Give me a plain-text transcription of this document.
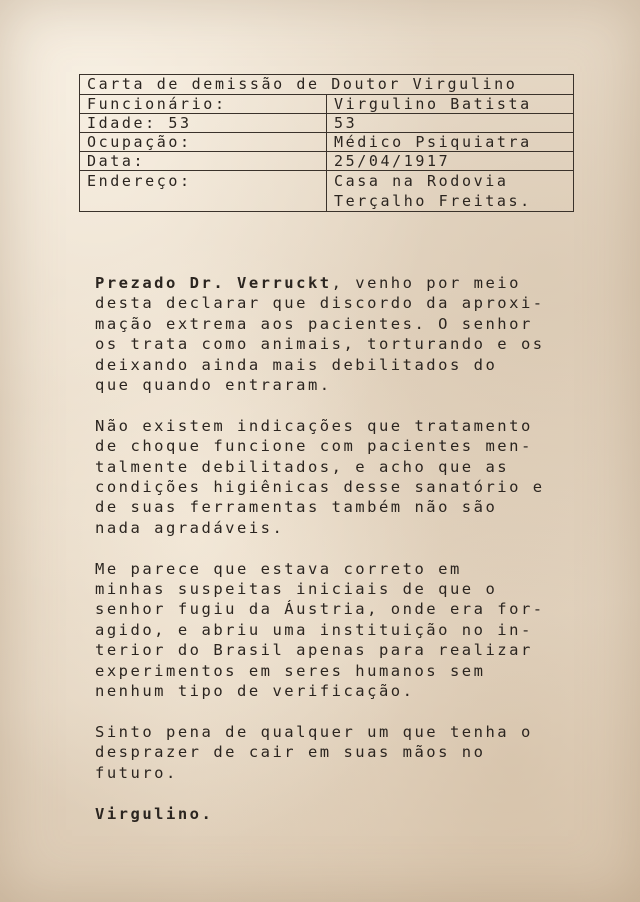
Carta de demissão de Doutor Virgulino	
Funcionário:	Virgulino Batista
Idade: 53	53
Ocupação:	Médico Psiquiatra
Data:	25/04/1917
Endereço:	Casa na Rodovia
Terçalho Freitas.

Prezado Dr. Verruckt, venho por meio
desta declarar que discordo da aproxi-
mação extrema aos pacientes. O senhor
os trata como animais, torturando e os
deixando ainda mais debilitados do
que quando entraram.

Não existem indicações que tratamento
de choque funcione com pacientes men-
talmente debilitados, e acho que as
condições higiênicas desse sanatório e
de suas ferramentas também não são
nada agradáveis.

Me parece que estava correto em
minhas suspeitas iniciais de que o
senhor fugiu da Áustria, onde era for-
agido, e abriu uma instituição no in-
terior do Brasil apenas para realizar
experimentos em seres humanos sem
nenhum tipo de verificação.

Sinto pena de qualquer um que tenha o
desprazer de cair em suas mãos no
futuro.

Virgulino.
